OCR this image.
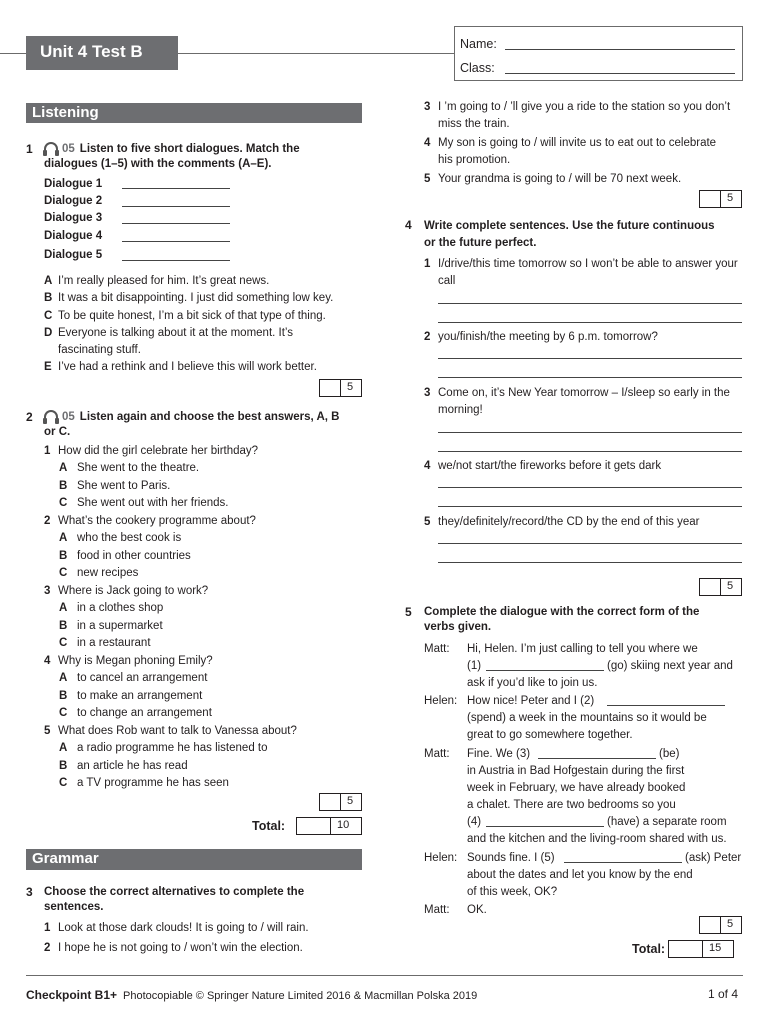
Unit 4 Test B	Name:
Class:
Listening
1	05 Listen to five short dialogues. Match the dialogues (1–5) with the comments (A–E).
Dialogue 1
Dialogue 2
Dialogue 3
Dialogue 4
Dialogue 5
A I’m really pleased for him. It’s great news.
B It was a bit disappointing. I just did something low key.
C To be quite honest, I’m a bit sick of that type of thing.
D Everyone is talking about it at the moment. It’s fascinating stuff.
E I’ve had a rethink and I believe this will work better.
5
2	05 Listen again and choose the best answers, A, B or C.
1 How did the girl celebrate her birthday?
A She went to the theatre.
B She went to Paris.
C She went out with her friends.
2 What’s the cookery programme about?
A who the best cook is
B food in other countries
C new recipes
3 Where is Jack going to work?
A in a clothes shop
B in a supermarket
C in a restaurant
4 Why is Megan phoning Emily?
A to cancel an arrangement
B to make an arrangement
C to change an arrangement
5 What does Rob want to talk to Vanessa about?
A a radio programme he has listened to
B an article he has read
C a TV programme he has seen
5
Total:	10
Grammar
3 Choose the correct alternatives to complete the sentences.
1 Look at those dark clouds! It is going to / will rain.
2 I hope he is not going to / won’t win the election.
3 I ’m going to / ’ll give you a ride to the station so you don’t miss the train.
4 My son is going to / will invite us to eat out to celebrate his promotion.
5 Your grandma is going to / will be 70 next week.
5
4 Write complete sentences. Use the future continuous or the future perfect.
1 I/drive/this time tomorrow so I won’t be able to answer your call
2 you/finish/the meeting by 6 p.m. tomorrow?
3 Come on, it’s New Year tomorrow – I/sleep so early in the morning!
4 we/not start/the fireworks before it gets dark
5 they/definitely/record/the CD by the end of this year
5
5 Complete the dialogue with the correct form of the verbs given.
Matt: Hi, Helen. I’m just calling to tell you where we
(1)	(go) skiing next year and
ask if you’d like to join us.
Helen: How nice! Peter and I (2)
(spend) a week in the mountains so it would be
great to go somewhere together.
Matt: Fine. We (3)	(be)
in Austria in Bad Hofgestain during the first
week in February, we have already booked
a chalet. There are two bedrooms so you
(4)	(have) a separate room
and the kitchen and the living-room shared with us.
Helen: Sounds fine. I (5)	(ask) Peter
about the dates and let you know by the end
of this week, OK?
Matt: OK.
5
Total:	15
Checkpoint B1+ Photocopiable © Springer Nature Limited 2016 & Macmillan Polska 2019	1 of 4
